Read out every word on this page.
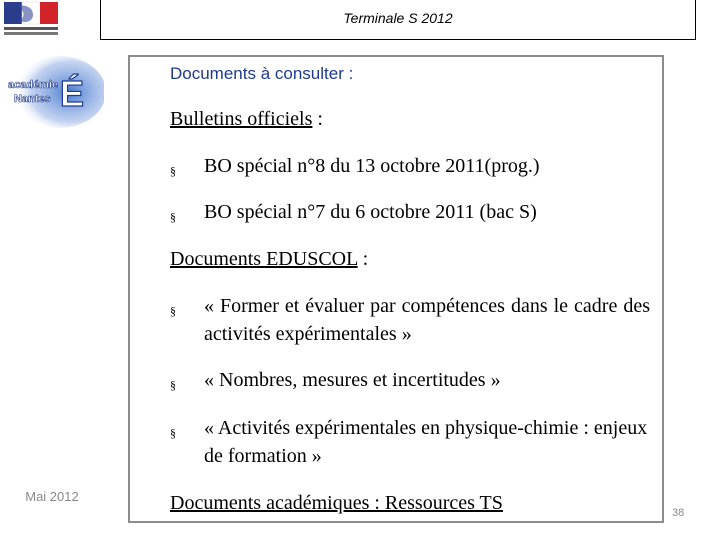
académie
Nantes É
Terminale S 2012
Documents à consulter :
Bulletins officiels :
§ BO spécial n°8 du 13 octobre 2011(prog.)
§ BO spécial n°7 du 6 octobre 2011 (bac S)
Documents EDUSCOL :
§ « Former et évaluer par compétences dans le cadre des activités expérimentales »
§ « Nombres, mesures et incertitudes »
§ « Activités expérimentales en physique-chimie : enjeux de formation »
Documents académiques : Ressources TS
Mai 2012
38
